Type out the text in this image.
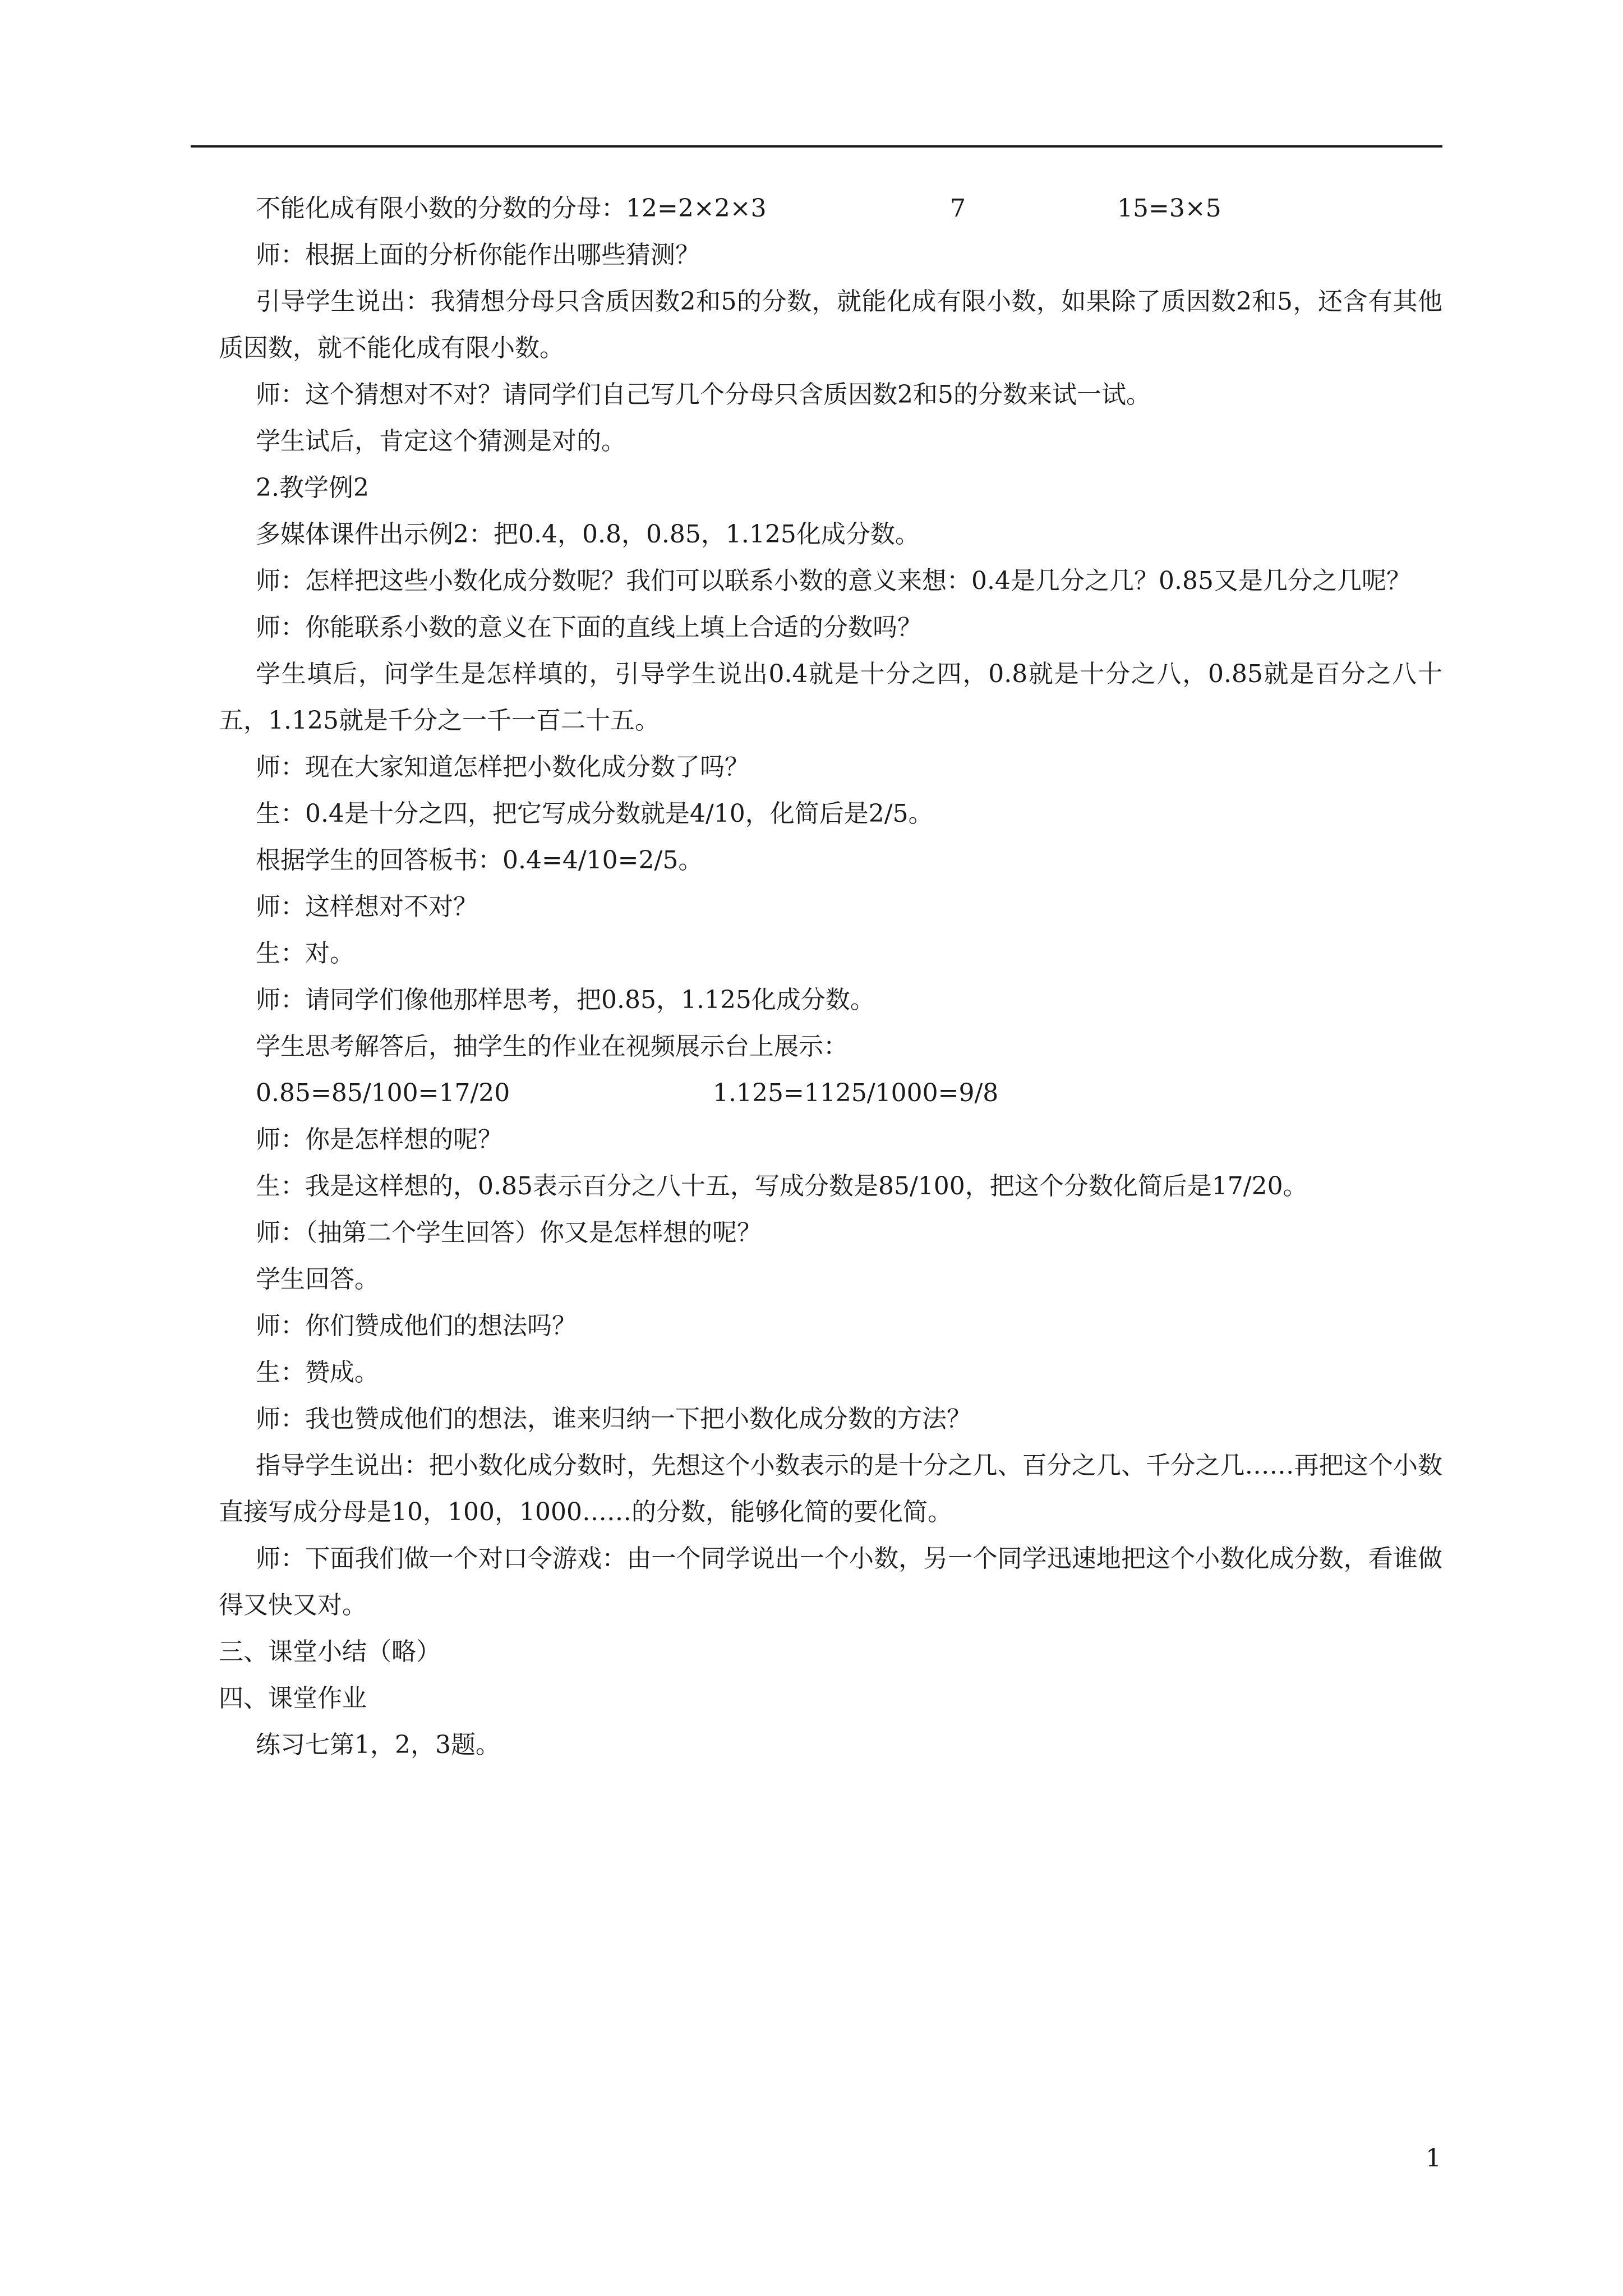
不能化成有限小数的分数的分母：12=2×2×3	7	15=3×5

师：根据上面的分析你能作出哪些猜测？

引导学生说出：我猜想分母只含质因数2和5的分数，就能化成有限小数，如果除了质因数2和5，还含有其他质因数，就不能化成有限小数。

师：这个猜想对不对？请同学们自己写几个分母只含质因数2和5的分数来试一试。

学生试后，肯定这个猜测是对的。

2.教学例2

多媒体课件出示例2：把0.4，0.8，0.85，1.125化成分数。

师：怎样把这些小数化成分数呢？我们可以联系小数的意义来想：0.4是几分之几？0.85又是几分之几呢？

师：你能联系小数的意义在下面的直线上填上合适的分数吗？

学生填后，问学生是怎样填的，引导学生说出0.4就是十分之四，0.8就是十分之八，0.85就是百分之八十五，1.125就是千分之一千一百二十五。

师：现在大家知道怎样把小数化成分数了吗？

生：0.4是十分之四，把它写成分数就是4/10，化简后是2/5。

根据学生的回答板书：0.4=4/10=2/5。

师：这样想对不对？

生：对。

师：请同学们像他那样思考，把0.85，1.125化成分数。

学生思考解答后，抽学生的作业在视频展示台上展示：

0.85=85/100=17/20	1.125=1125/1000=9/8

师：你是怎样想的呢？

生：我是这样想的，0.85表示百分之八十五，写成分数是85/100，把这个分数化简后是17/20。

师：（抽第二个学生回答）你又是怎样想的呢？

学生回答。

师：你们赞成他们的想法吗？

生：赞成。

师：我也赞成他们的想法，谁来归纳一下把小数化成分数的方法？

指导学生说出：把小数化成分数时，先想这个小数表示的是十分之几、百分之几、千分之几……再把这个小数直接写成分母是10，100，1000……的分数，能够化简的要化简。

师：下面我们做一个对口令游戏：由一个同学说出一个小数，另一个同学迅速地把这个小数化成分数，看谁做得又快又对。

三、课堂小结（略）

四、课堂作业

练习七第1，2，3题。

1
